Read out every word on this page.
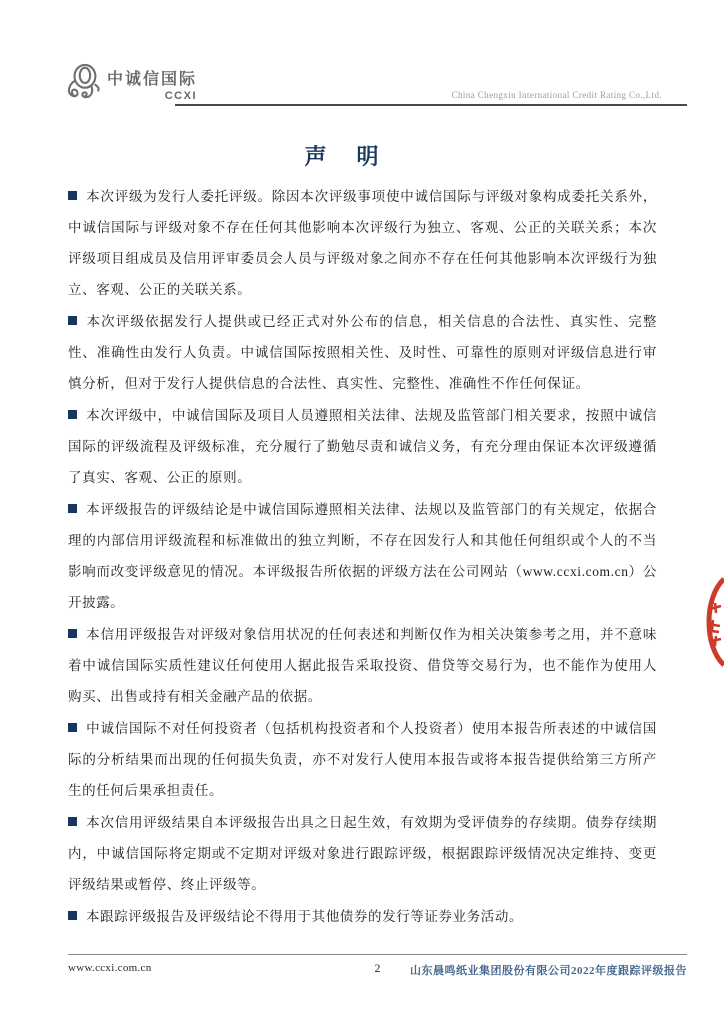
中诚信国际
CCXI	China Chengxin International Credit Rating Co.,Ltd.
声　明

本次评级为发行人委托评级。除因本次评级事项使中诚信国际与评级对象构成委托关系外，中诚信国际与评级对象不存在任何其他影响本次评级行为独立、客观、公正的关联关系；本次评级项目组成员及信用评审委员会人员与评级对象之间亦不存在任何其他影响本次评级行为独立、客观、公正的关联关系。

本次评级依据发行人提供或已经正式对外公布的信息，相关信息的合法性、真实性、完整性、准确性由发行人负责。中诚信国际按照相关性、及时性、可靠性的原则对评级信息进行审慎分析，但对于发行人提供信息的合法性、真实性、完整性、准确性不作任何保证。

本次评级中，中诚信国际及项目人员遵照相关法律、法规及监管部门相关要求，按照中诚信国际的评级流程及评级标准，充分履行了勤勉尽责和诚信义务，有充分理由保证本次评级遵循了真实、客观、公正的原则。

本评级报告的评级结论是中诚信国际遵照相关法律、法规以及监管部门的有关规定，依据合理的内部信用评级流程和标准做出的独立判断，不存在因发行人和其他任何组织或个人的不当影响而改变评级意见的情况。本评级报告所依据的评级方法在公司网站（www.ccxi.com.cn）公开披露。

本信用评级报告对评级对象信用状况的任何表述和判断仅作为相关决策参考之用，并不意味着中诚信国际实质性建议任何使用人据此报告采取投资、借贷等交易行为，也不能作为使用人购买、出售或持有相关金融产品的依据。

中诚信国际不对任何投资者（包括机构投资者和个人投资者）使用本报告所表述的中诚信国际的分析结果而出现的任何损失负责，亦不对发行人使用本报告或将本报告提供给第三方所产生的任何后果承担责任。

本次信用评级结果自本评级报告出具之日起生效，有效期为受评债券的存续期。债券存续期内，中诚信国际将定期或不定期对评级对象进行跟踪评级，根据跟踪评级情况决定维持、变更评级结果或暂停、终止评级等。

本跟踪评级报告及评级结论不得用于其他债券的发行等证券业务活动。

www.ccxi.com.cn	2	山东晨鸣纸业集团股份有限公司2022年度跟踪评级报告
